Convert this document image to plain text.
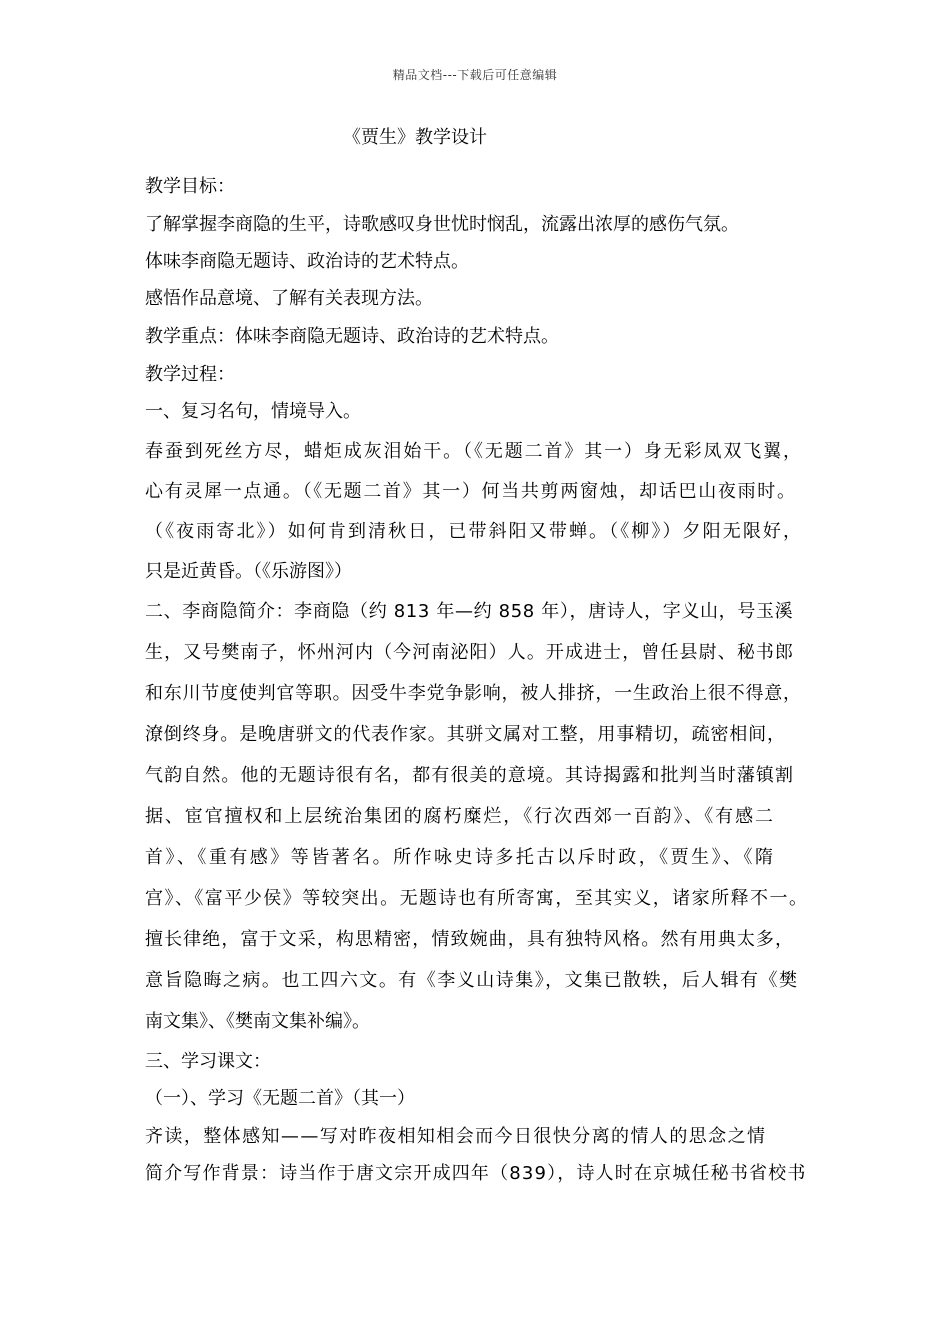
精品文档---下载后可任意编辑
《贾生》教学设计
教学目标：
了解掌握李商隐的生平，诗歌感叹身世忧时悯乱，流露出浓厚的感伤气氛。
体味李商隐无题诗、政治诗的艺术特点。
感悟作品意境、了解有关表现方法。
教学重点：体味李商隐无题诗、政治诗的艺术特点。
教学过程：
一、复习名句，情境导入。
春蚕到死丝方尽，蜡炬成灰泪始干。（《无题二首》其一）身无彩凤双飞翼，
心有灵犀一点通。（《无题二首》其一）何当共剪两窗烛，却话巴山夜雨时。
（《夜雨寄北》）如何肯到清秋日，已带斜阳又带蝉。（《柳》）夕阳无限好，
只是近黄昏。（《乐游图》）
二、李商隐简介：李商隐（约 813 年—约 858 年），唐诗人，字义山，号玉溪
生，又号樊南子，怀州河内（今河南泌阳）人。开成进士，曾任县尉、秘书郎
和东川节度使判官等职。因受牛李党争影响，被人排挤，一生政治上很不得意，
潦倒终身。是晚唐骈文的代表作家。其骈文属对工整，用事精切，疏密相间，
气韵自然。他的无题诗很有名，都有很美的意境。其诗揭露和批判当时藩镇割
据、宦官擅权和上层统治集团的腐朽糜烂，《行次西郊一百韵》、《有感二
首》、《重有感》等皆著名。所作咏史诗多托古以斥时政，《贾生》、《隋
宫》、《富平少侯》等较突出。无题诗也有所寄寓，至其实义，诸家所释不一。
擅长律绝，富于文采，构思精密，情致婉曲，具有独特风格。然有用典太多，
意旨隐晦之病。也工四六文。有《李义山诗集》，文集已散轶，后人辑有《樊
南文集》、《樊南文集补编》。
三、学习课文：
（一）、学习《无题二首》（其一）
齐读，整体感知——写对昨夜相知相会而今日很快分离的情人的思念之情
简介写作背景：诗当作于唐文宗开成四年（839），诗人时在京城任秘书省校书
